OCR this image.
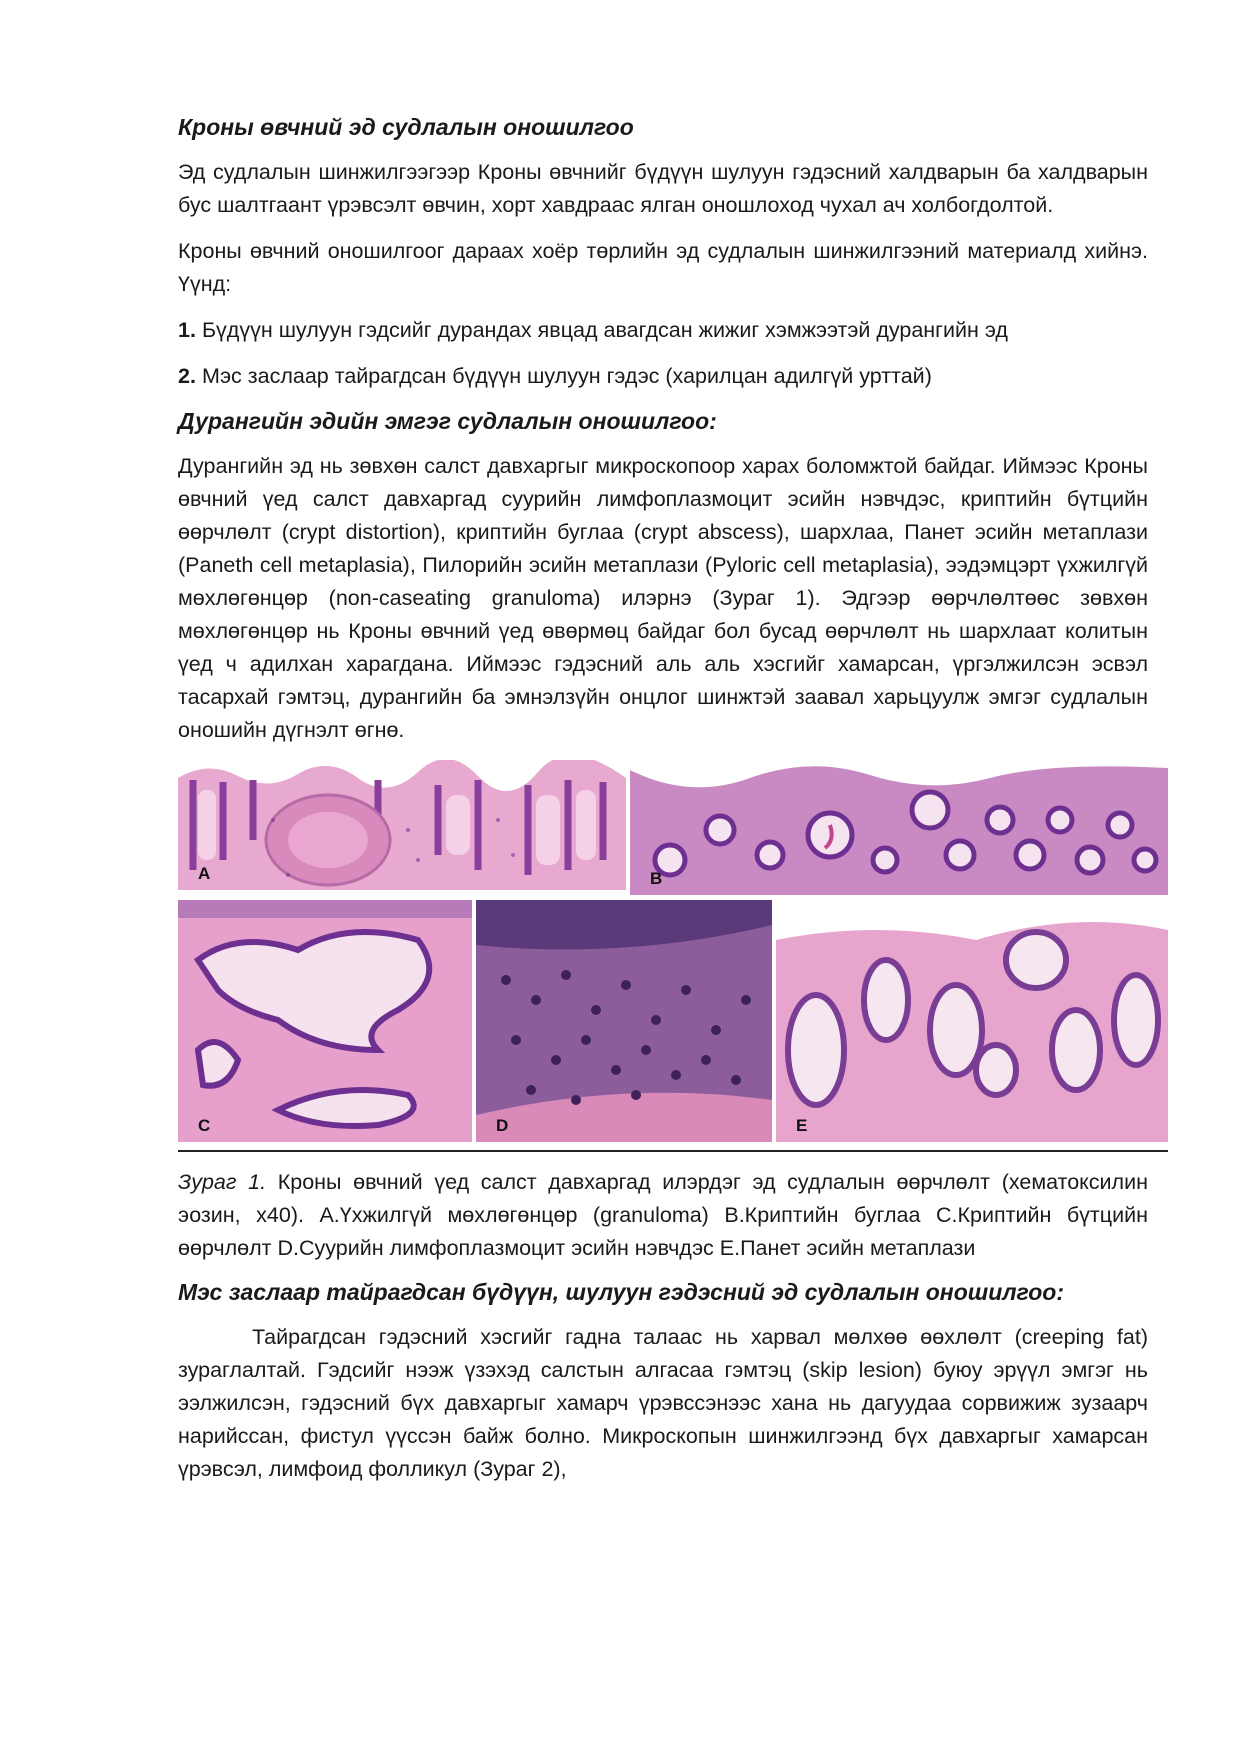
Кроны өвчний эд судлалын оношилгоо
Эд судлалын шинжилгээгээр Кроны өвчнийг бүдүүн шулуун гэдэсний халдварын ба халдварын бус шалтгаант үрэвсэлт өвчин, хорт хавдраас ялган оношлоход чухал ач холбогдолтой.
Кроны өвчний оношилгоог дараах хоёр төрлийн эд судлалын шинжилгээний материалд хийнэ. Үүнд:
1. Бүдүүн шулуун гэдсийг дурандах явцад авагдсан жижиг хэмжээтэй дурангийн эд
2. Мэс заслаар тайрагдсан бүдүүн шулуун гэдэс (харилцан адилгүй урттай)
Дурангийн эдийн эмгэг судлалын оношилгоо:
Дурангийн эд нь зөвхөн салст давхаргыг микроскопоор харах боломжтой байдаг. Иймээс Кроны өвчний үед салст давхаргад суурийн лимфоплазмоцит эсийн нэвчдэс, криптийн бүтцийн өөрчлөлт (crypt distortion), криптийн буглаа (crypt abscess), шархлаа, Панет эсийн метаплази (Paneth cell metaplasia), Пилорийн эсийн метаплази (Pyloric cell metaplasia), ээдэмцэрт үхжилгүй мөхлөгөнцөр (non-caseating granuloma) илэрнэ (Зураг 1). Эдгээр өөрчлөлтөөс зөвхөн мөхлөгөнцөр нь Кроны өвчний үед өвөрмөц байдаг бол бусад өөрчлөлт нь шархлаат колитын үед ч адилхан харагдана. Иймээс гэдэсний аль аль хэсгийг хамарсан, үргэлжилсэн эсвэл тасархай гэмтэц, дурангийн ба эмнэлзүйн онцлог шинжтэй заавал харьцуулж эмгэг судлалын оношийн дүгнэлт өгнө.
A	B
C	D	E
Зураг 1. Кроны өвчний үед салст давхаргад илэрдэг эд судлалын өөрчлөлт (хематоксилин эозин, x40). A.Үхжилгүй мөхлөгөнцөр (granuloma) B.Криптийн буглаа C.Криптийн бүтцийн өөрчлөлт D.Суурийн лимфоплазмоцит эсийн нэвчдэс E.Панет эсийн метаплази
Мэс заслаар тайрагдсан бүдүүн, шулуун гэдэсний эд судлалын оношилгоо:
Тайрагдсан гэдэсний хэсгийг гадна талаас нь харвал мөлхөө өөхлөлт (creeping fat) зураглалтай. Гэдсийг нээж үзэхэд салстын алгасаа гэмтэц (skip lesion) буюу эрүүл эмгэг нь ээлжилсэн, гэдэсний бүх давхаргыг хамарч үрэвссэнээс хана нь дагуудаа сорвижиж зузаарч нарийссан, фистул үүссэн байж болно. Микроскопын шинжилгээнд бүх давхаргыг хамарсан үрэвсэл, лимфоид фолликул (Зураг 2),
